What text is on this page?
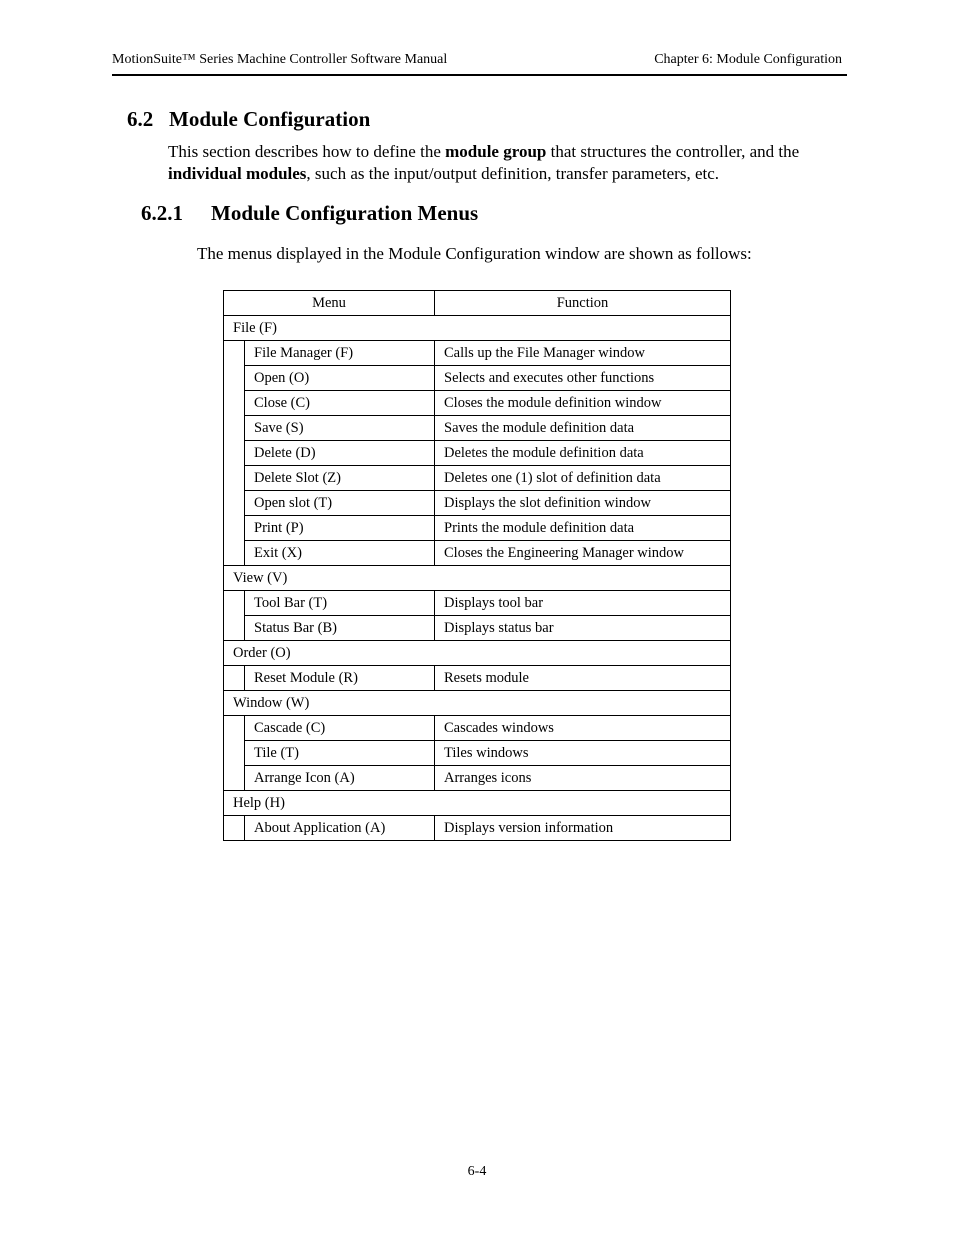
MotionSuite™ Series Machine Controller Software Manual	Chapter 6: Module Configuration
6.2 Module Configuration

This section describes how to define the module group that structures the controller, and the individual modules, such as the input/output definition, transfer parameters, etc.

6.2.1 Module Configuration Menus
The menus displayed in the Module Configuration window are shown as follows:
Menu		Function
File (F)		
	File Manager (F)	Calls up the File Manager window
	Open (O)	Selects and executes other functions
	Close (C)	Closes the module definition window
	Save (S)	Saves the module definition data
	Delete (D)	Deletes the module definition data
	Delete Slot (Z)	Deletes one (1) slot of definition data
	Open slot (T)	Displays the slot definition window
	Print (P)	Prints the module definition data
	Exit (X)	Closes the Engineering Manager window
View (V)		
	Tool Bar (T)	Displays tool bar
	Status Bar (B)	Displays status bar
Order (O)		
	Reset Module (R)	Resets module
Window (W)		
	Cascade (C)	Cascades windows
	Tile (T)	Tiles windows
	Arrange Icon (A)	Arranges icons
Help (H)		
	About Application (A)	Displays version information
6-4
